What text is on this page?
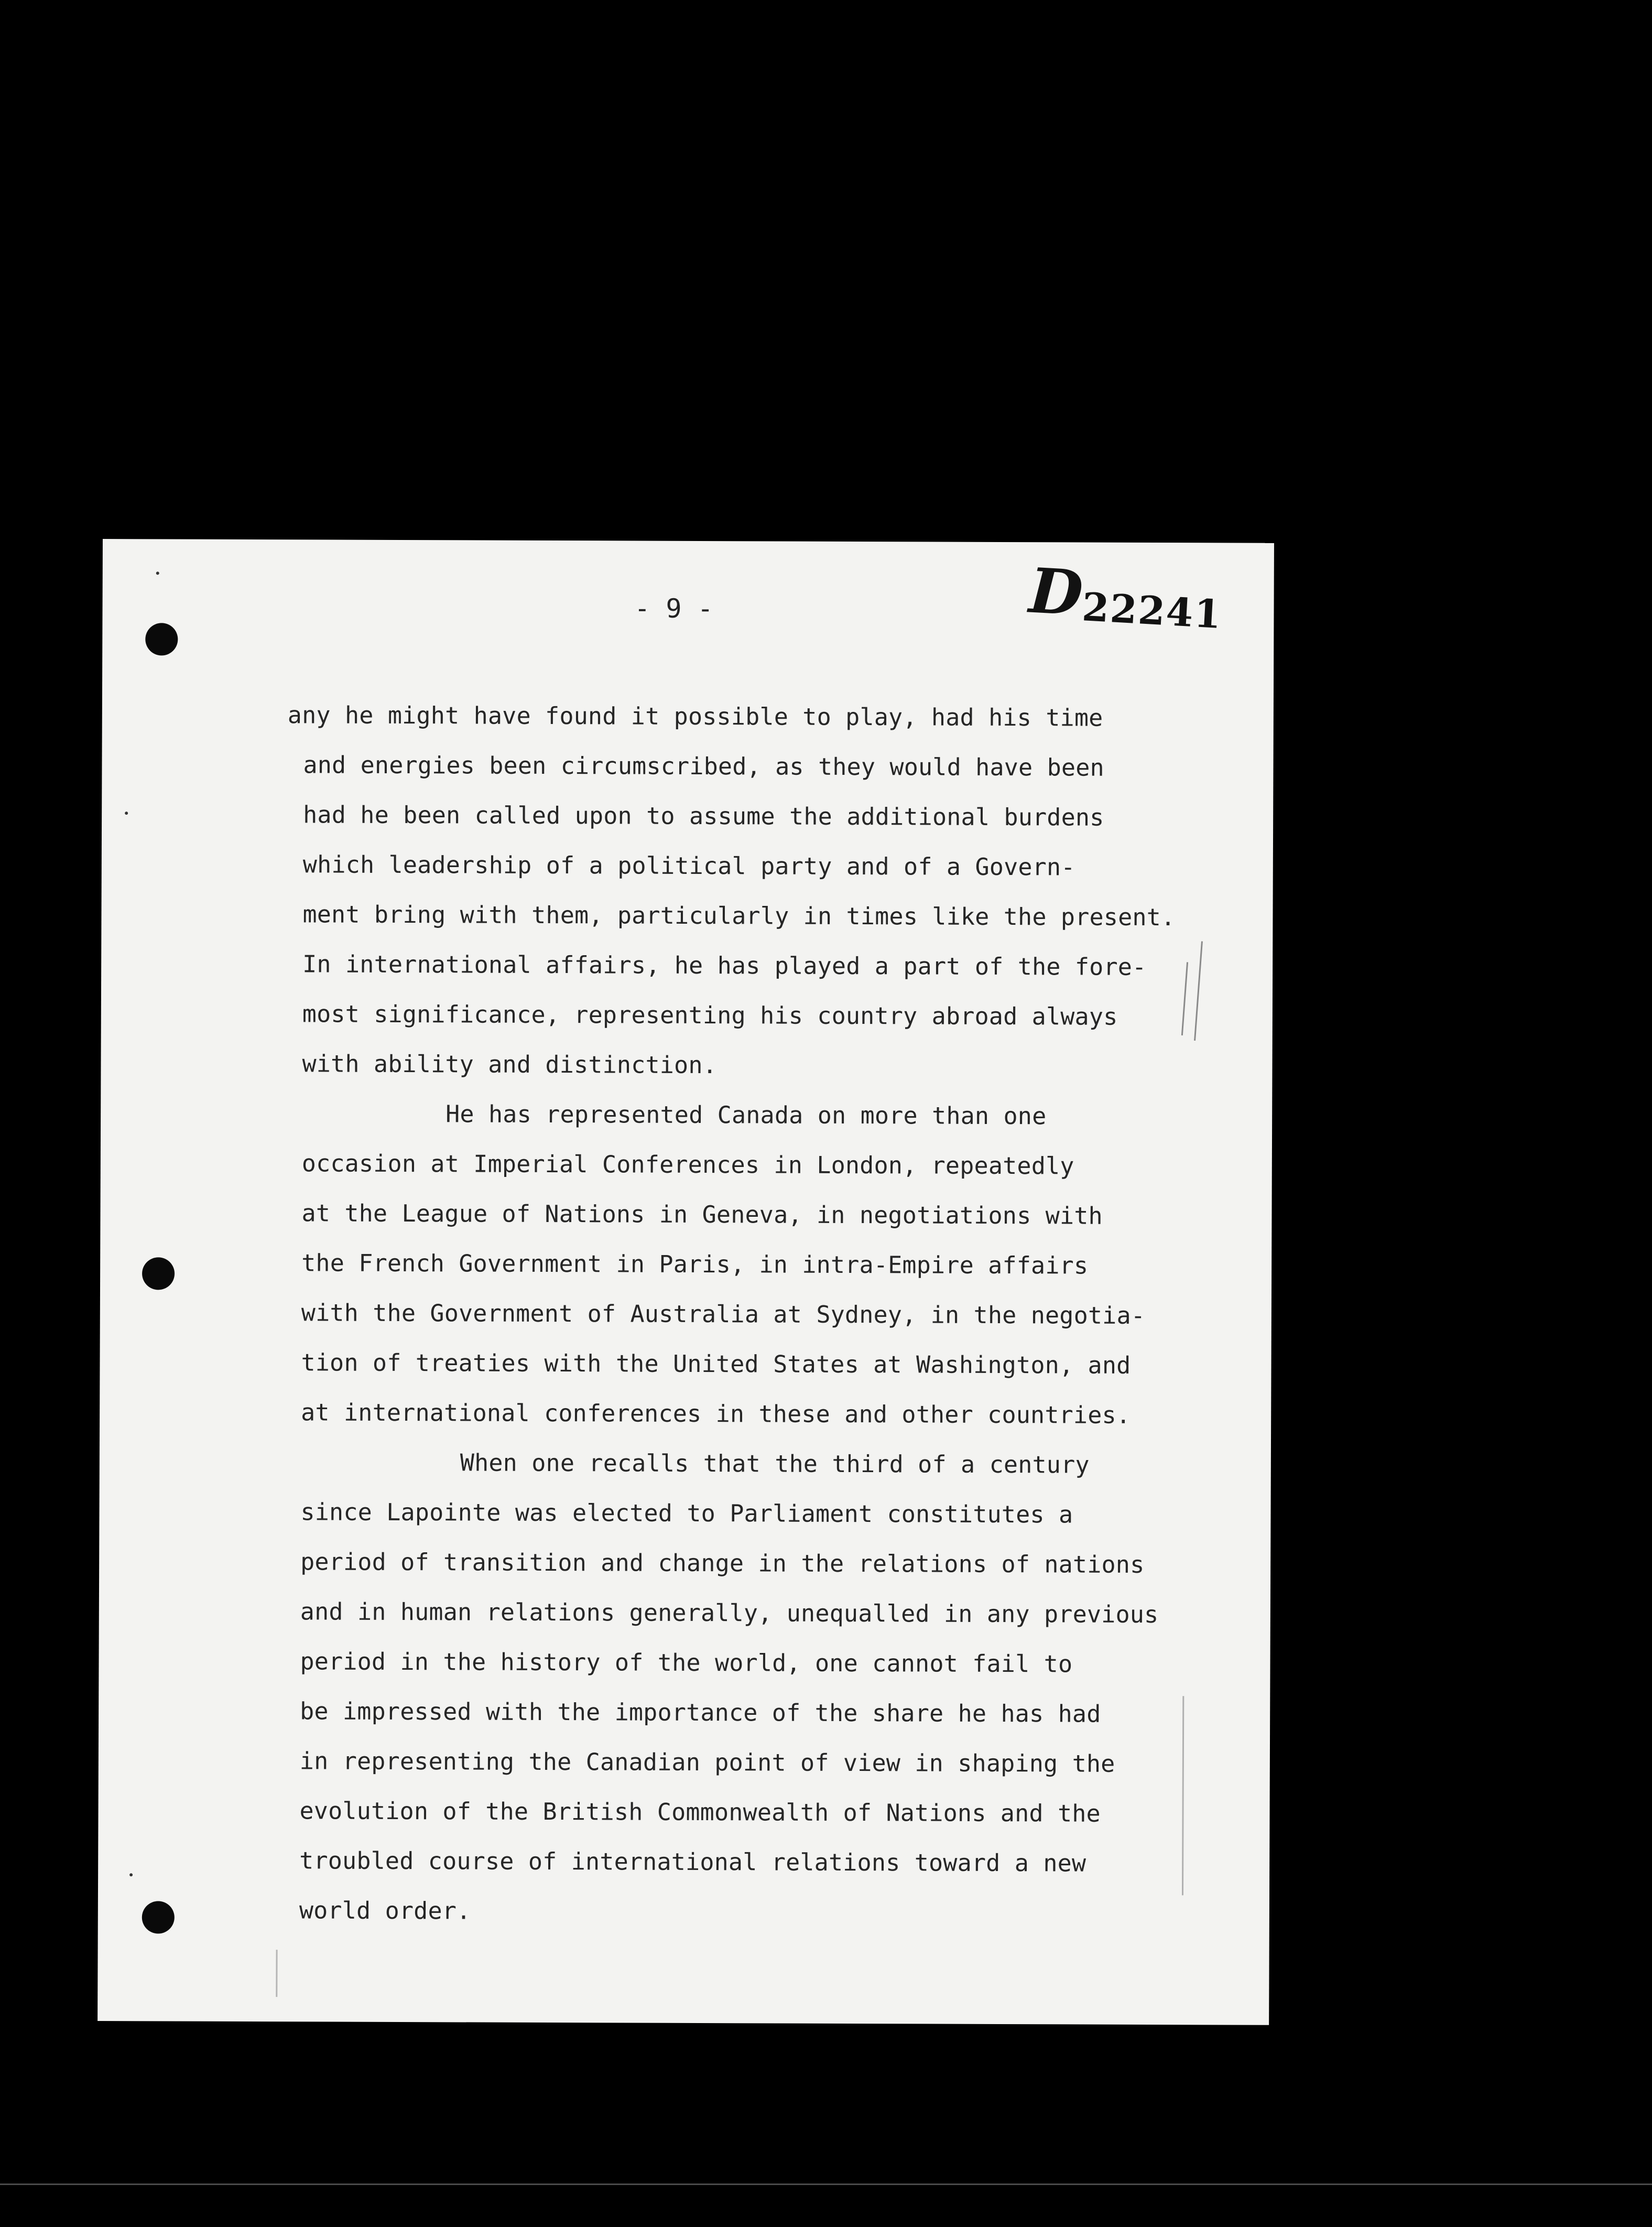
- 9 -	D22241
any he might have found it possible to play, had his time
and energies been circumscribed, as they would have been
had he been called upon to assume the additional burdens
which leadership of a political party and of a Govern-
ment bring with them, particularly in times like the present.
In international affairs, he has played a part of the fore-
most significance, representing his country abroad always
with ability and distinction.
He has represented Canada on more than one
occasion at Imperial Conferences in London, repeatedly
at the League of Nations in Geneva, in negotiations with
the French Government in Paris, in intra-Empire affairs
with the Government of Australia at Sydney, in the negotia-
tion of treaties with the United States at Washington, and
at international conferences in these and other countries.
When one recalls that the third of a century
since Lapointe was elected to Parliament constitutes a
period of transition and change in the relations of nations
and in human relations generally, unequalled in any previous
period in the history of the world, one cannot fail to
be impressed with the importance of the share he has had
in representing the Canadian point of view in shaping the
evolution of the British Commonwealth of Nations and the
troubled course of international relations toward a new
world order.
